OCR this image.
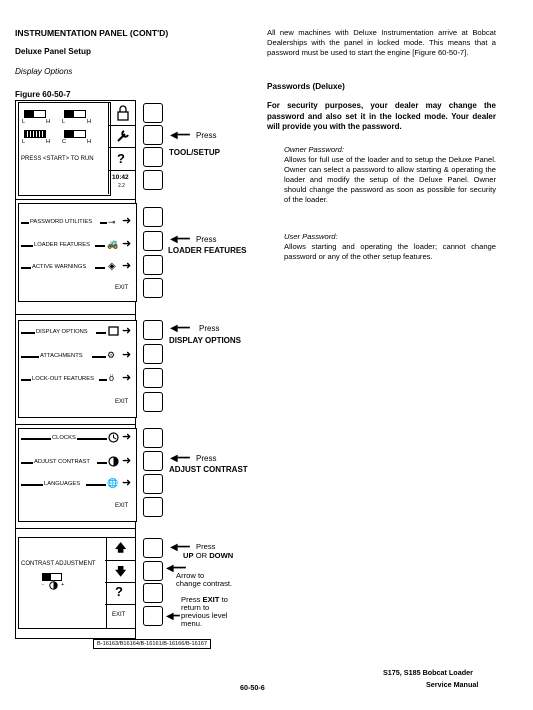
INSTRUMENTATION PANEL (CONT'D)
Deluxe Panel Setup
Display Options
Figure 60-50-7
All new machines with Deluxe Instrumentation arrive at Bobcat Dealerships with the panel in locked mode. This means that a password must be used to start the engine [Figure 60-50-7].
Passwords (Deluxe)
For security purposes, your dealer may change the password and also set it in the locked mode. Your dealer will provide you with the password.
Owner Password:
Allows for full use of the loader and to setup the Deluxe Panel. Owner can select a password to allow starting & operating the loader and modify the setup of the Deluxe Panel. Owner should change the password as soon as possible for security of the loader.
User Password:
Allows starting and operating the loader; cannot change password or any of the other setup features.
L	H L	H
L	H C	H
PRESS <START> TO RUN ?
10:42
2.2
◀━━ Press
TOOL/SETUP
PASSWORD UTILITIES ⊸ ➜
LOADER FEATURES 🚜 ➜
ACTIVE WARNINGS ◈ ➜
EXIT
◀━━ Press
LOADER FEATURES
DISPLAY OPTIONS	➜
ATTACHMENTS	⚙ ➜
LOCK-OUT FEATURES ö ➜
EXIT
◀━━ Press
DISPLAY OPTIONS
CLOCKS	➜
ADJUST CONTRAST	➜
LANGUAGES	🌐 ➜
EXIT
◀━━ Press
ADJUST CONTRAST
CONTRAST ADJUSTMENT
-	+
🡅
🡇
?
EXIT
◀━━ Press
UP OR DOWN
◀━━
Arrow to
change contrast.
Press EXIT to
return to
◀━ previous level
menu.
B-16163/B16164/B-16161/B-16166/B-16167
60-50-6
S175, S185 Bobcat Loader
Service Manual
